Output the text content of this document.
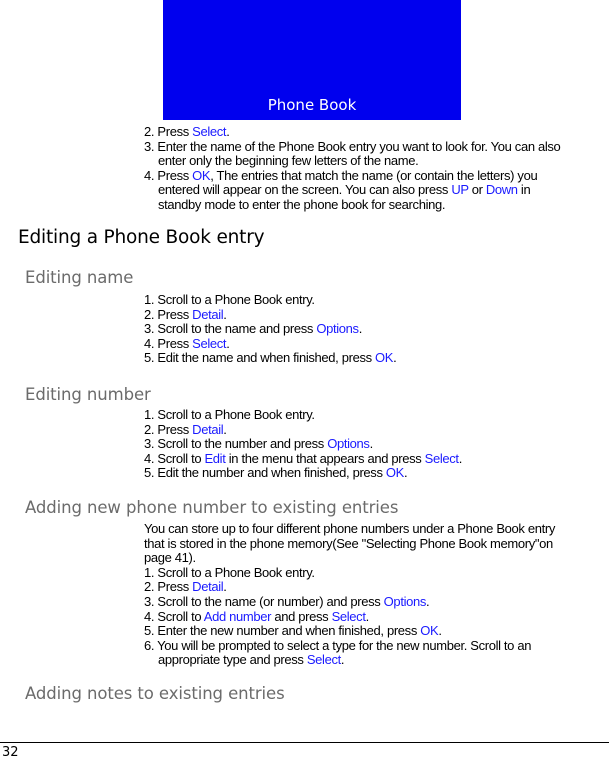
Phone Book
2. Press Select.
3. Enter the name of the Phone Book entry you want to look for. You can also
enter only the beginning few letters of the name.
4. Press OK, The entries that match the name (or contain the letters) you
entered will appear on the screen. You can also press UP or Down in
standby mode to enter the phone book for searching.
Editing a Phone Book entry
Editing name
1. Scroll to a Phone Book entry.
2. Press Detail.
3. Scroll to the name and press Options.
4. Press Select.
5. Edit the name and when finished, press OK.
Editing number
1. Scroll to a Phone Book entry.
2. Press Detail.
3. Scroll to the number and press Options.
4. Scroll to Edit in the menu that appears and press Select.
5. Edit the number and when finished, press OK.
Adding new phone number to existing entries
You can store up to four different phone numbers under a Phone Book entry
that is stored in the phone memory(See "Selecting Phone Book memory"on
page 41).
1. Scroll to a Phone Book entry.
2. Press Detail.
3. Scroll to the name (or number) and press Options.
4. Scroll to Add number and press Select.
5. Enter the new number and when finished, press OK.
6. You will be prompted to select a type for the new number. Scroll to an
appropriate type and press Select.
Adding notes to existing entries
32
